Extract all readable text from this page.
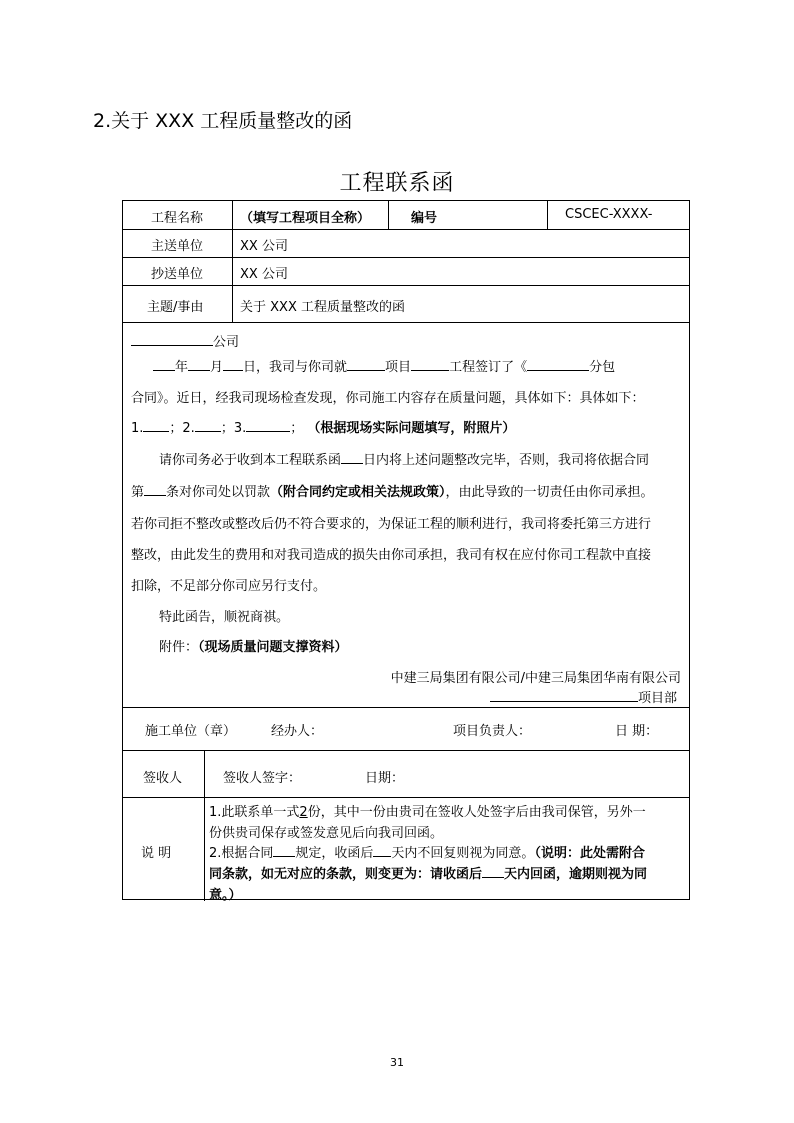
2.关于 XXX 工程质量整改的函
工程联系函
工程名称	（填写工程项目全称）	编号	CSCEC-XXXX-
主送单位	XX 公司
抄送单位	XX 公司
主题/事由	关于 XXX 工程质量整改的函
公司
年 月 日，我司与你司就	项目	工程签订了《	分包
合同》。近日，经我司现场检查发现，你司施工内容存在质量问题，具体如下：具体如下：
1. ；2. ；3.	； （根据现场实际问题填写，附照片）
请你司务必于收到本工程联系函 日内将上述问题整改完毕，否则，我司将依据合同
第 条对你司处以罚款（附合同约定或相关法规政策），由此导致的一切责任由你司承担。
若你司拒不整改或整改后仍不符合要求的，为保证工程的顺利进行，我司将委托第三方进行
整改，由此发生的费用和对我司造成的损失由你司承担，我司有权在应付你司工程款中直接
扣除，不足部分你司应另行支付。
特此函告，顺祝商祺。
附件：（现场质量问题支撑资料）
中建三局集团有限公司/中建三局集团华南有限公司
项目部
施工单位（章）	经办人：	项目负责人：	日 期：
签收人	签收人签字：	日期：
说 明
1.此联系单一式2份，其中一份由贵司在签收人处签字后由我司保管，另外一
份供贵司保存或签发意见后向我司回函。
2.根据合同 规定，收函后 天内不回复则视为同意。（说明：此处需附合
同条款，如无对应的条款，则变更为：请收函后 天内回函，逾期则视为同
意。）
31
